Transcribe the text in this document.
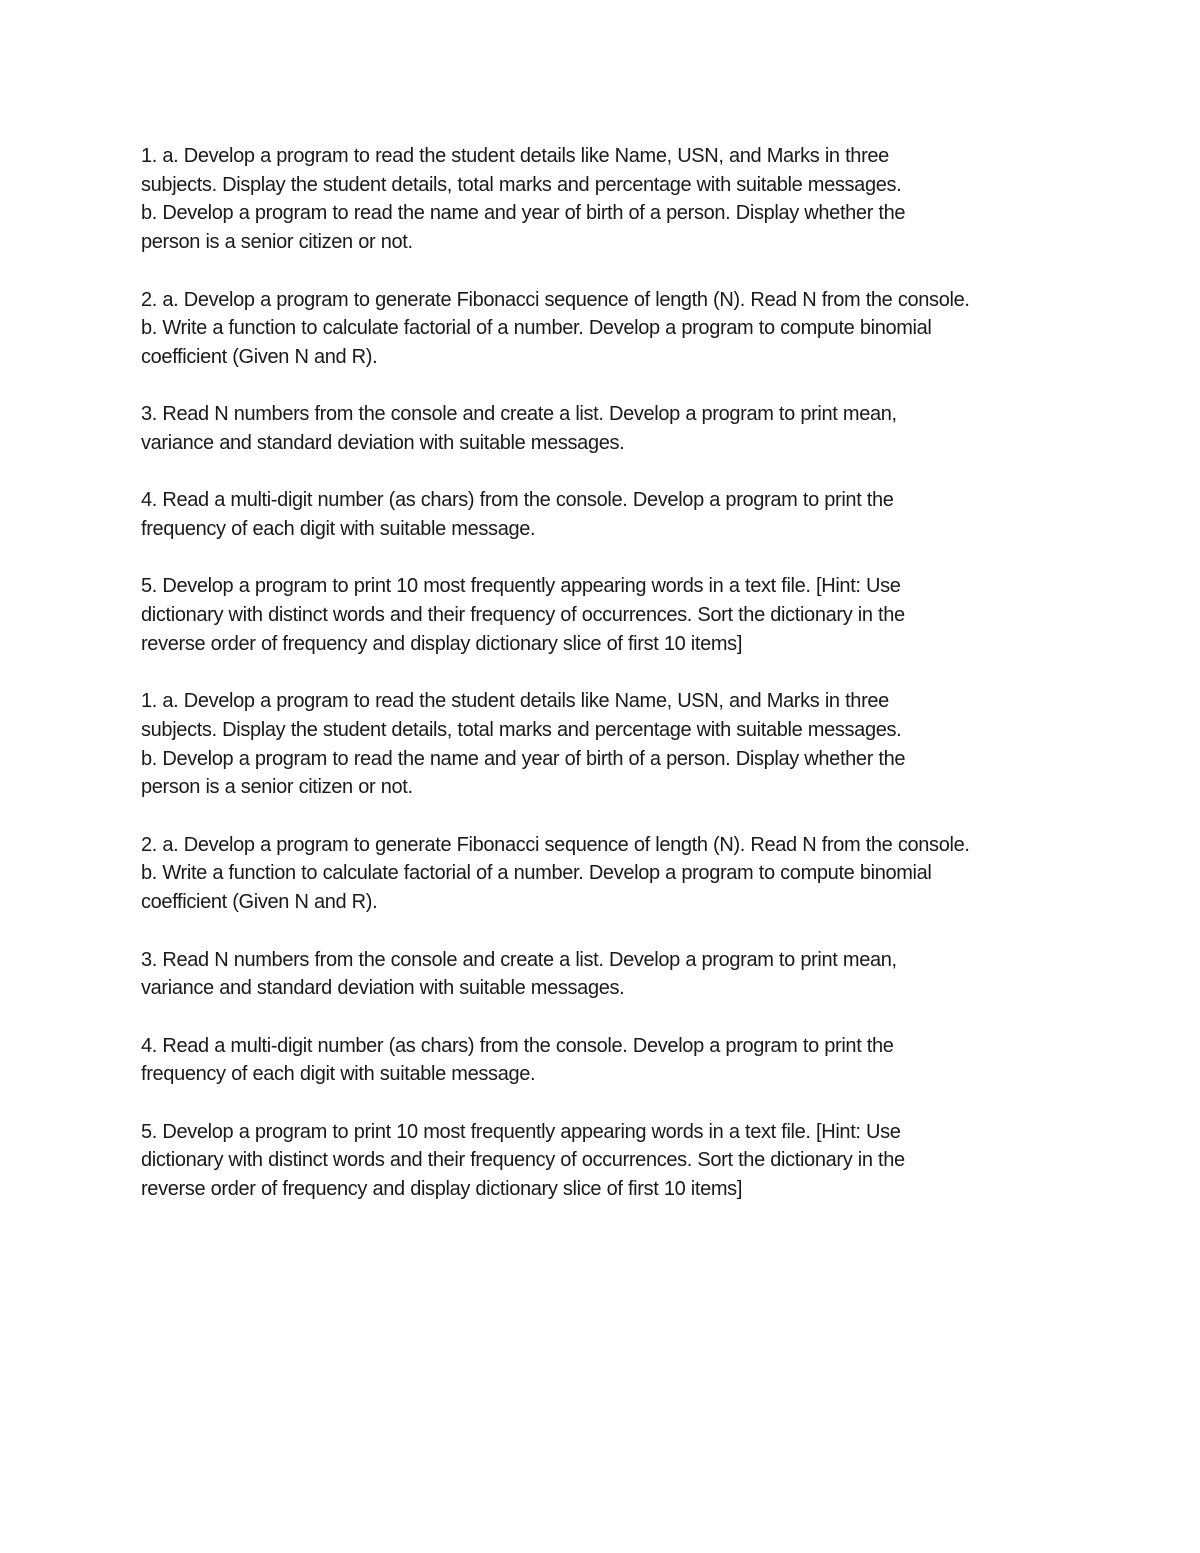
1. a. Develop a program to read the student details like Name, USN, and Marks in three
subjects. Display the student details, total marks and percentage with suitable messages.
b. Develop a program to read the name and year of birth of a person. Display whether the
person is a senior citizen or not.

2. a. Develop a program to generate Fibonacci sequence of length (N). Read N from the console.
b. Write a function to calculate factorial of a number. Develop a program to compute binomial
coefficient (Given N and R).

3. Read N numbers from the console and create a list. Develop a program to print mean,
variance and standard deviation with suitable messages.

4. Read a multi-digit number (as chars) from the console. Develop a program to print the
frequency of each digit with suitable message.

5. Develop a program to print 10 most frequently appearing words in a text file. [Hint: Use
dictionary with distinct words and their frequency of occurrences. Sort the dictionary in the
reverse order of frequency and display dictionary slice of first 10 items]

1. a. Develop a program to read the student details like Name, USN, and Marks in three
subjects. Display the student details, total marks and percentage with suitable messages.
b. Develop a program to read the name and year of birth of a person. Display whether the
person is a senior citizen or not.

2. a. Develop a program to generate Fibonacci sequence of length (N). Read N from the console.
b. Write a function to calculate factorial of a number. Develop a program to compute binomial
coefficient (Given N and R).

3. Read N numbers from the console and create a list. Develop a program to print mean,
variance and standard deviation with suitable messages.

4. Read a multi-digit number (as chars) from the console. Develop a program to print the
frequency of each digit with suitable message.

5. Develop a program to print 10 most frequently appearing words in a text file. [Hint: Use
dictionary with distinct words and their frequency of occurrences. Sort the dictionary in the
reverse order of frequency and display dictionary slice of first 10 items]
